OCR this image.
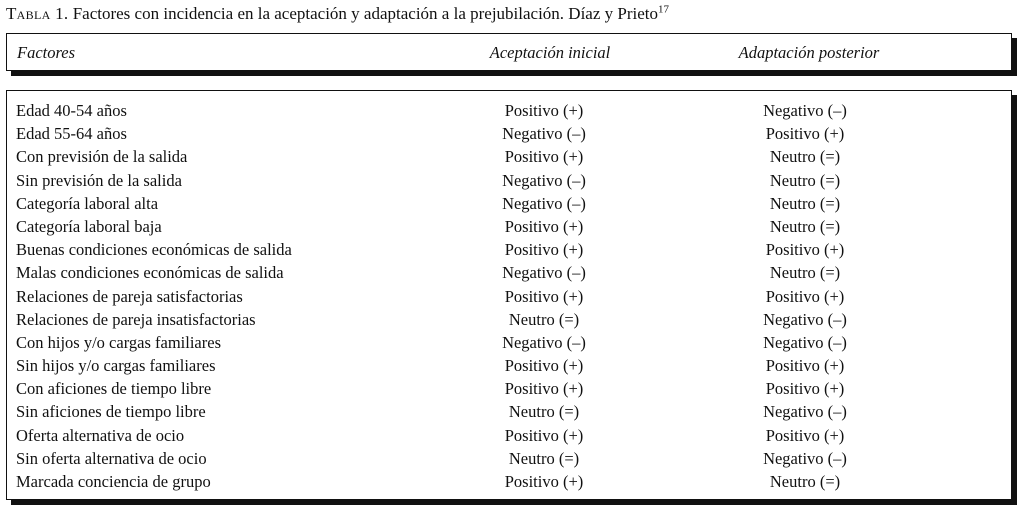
Tabla 1. Factores con incidencia en la aceptación y adaptación a la prejubilación. Díaz y Prieto$^{17}$
Factores	Aceptación inicial	Adaptación posterior
Edad 40-54 años	Positivo (+)	Negativo (–)
Edad 55-64 años	Negativo (–)	Positivo (+)
Con previsión de la salida	Positivo (+)	Neutro (=)
Sin previsión de la salida	Negativo (–)	Neutro (=)
Categoría laboral alta	Negativo (–)	Neutro (=)
Categoría laboral baja	Positivo (+)	Neutro (=)
Buenas condiciones económicas de salida	Positivo (+)	Positivo (+)
Malas condiciones económicas de salida	Negativo (–)	Neutro (=)
Relaciones de pareja satisfactorias	Positivo (+)	Positivo (+)
Relaciones de pareja insatisfactorias	Neutro (=)	Negativo (–)
Con hijos y/o cargas familiares	Negativo (–)	Negativo (–)
Sin hijos y/o cargas familiares	Positivo (+)	Positivo (+)
Con aficiones de tiempo libre	Positivo (+)	Positivo (+)
Sin aficiones de tiempo libre	Neutro (=)	Negativo (–)
Oferta alternativa de ocio	Positivo (+)	Positivo (+)
Sin oferta alternativa de ocio	Neutro (=)	Negativo (–)
Marcada conciencia de grupo	Positivo (+)	Neutro (=)
